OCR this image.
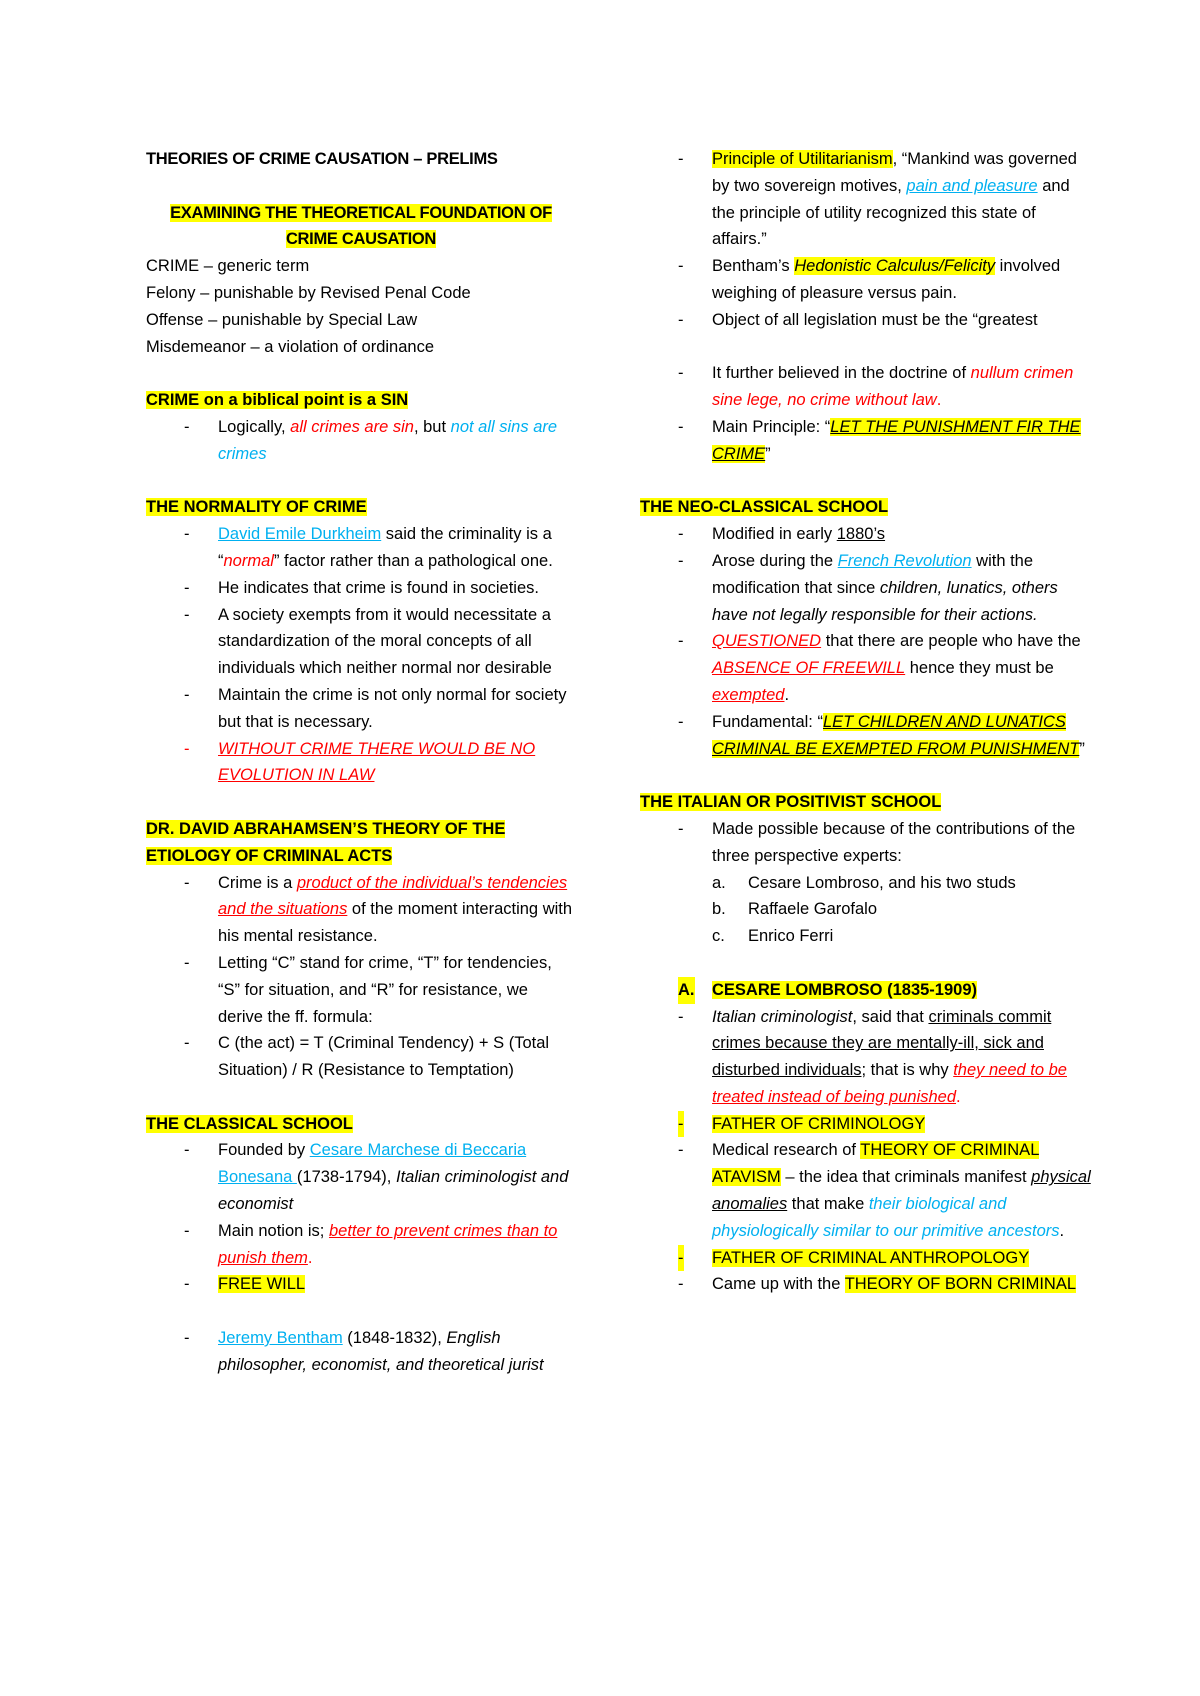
THEORIES OF CRIME CAUSATION – PRELIMS
EXAMINING THE THEORETICAL FOUNDATION OF
CRIME CAUSATION
CRIME – generic term
Felony – punishable by Revised Penal Code
Offense – punishable by Special Law
Misdemeanor – a violation of ordinance
CRIME on a biblical point is a SIN
- Logically, all crimes are sin, but not all sins are crimes
THE NORMALITY OF CRIME
- David Emile Durkheim said the criminality is a “normal” factor rather than a pathological one.
- He indicates that crime is found in societies.
- A society exempts from it would necessitate a standardization of the moral concepts of all individuals which neither normal nor desirable
- Maintain the crime is not only normal for society but that is necessary.
- WITHOUT CRIME THERE WOULD BE NO EVOLUTION IN LAW
DR. DAVID ABRAHAMSEN’S THEORY OF THE
ETIOLOGY OF CRIMINAL ACTS
- Crime is a product of the individual’s tendencies and the situations of the moment interacting with his mental resistance.
- Letting “C” stand for crime, “T” for tendencies, “S” for situation, and “R” for resistance, we derive the ff. formula:
- C (the act) = T (Criminal Tendency) + S (Total Situation) / R (Resistance to Temptation)
THE CLASSICAL SCHOOL
- Founded by Cesare Marchese di Beccaria Bonesana (1738-1794), Italian criminologist and economist
- Main notion is; better to prevent crimes than to punish them.
- FREE WILL
- Jeremy Bentham (1848-1832), English philosopher, economist, and theoretical jurist
- Principle of Utilitarianism, “Mankind was governed by two sovereign motives, pain and pleasure and the principle of utility recognized this state of affairs.”
- Bentham’s Hedonistic Calculus/Felicity involved weighing of pleasure versus pain.
- Object of all legislation must be the “greatest
- It further believed in the doctrine of nullum crimen sine lege, no crime without law.
- Main Principle: “LET THE PUNISHMENT FIR THE CRIME”
THE NEO-CLASSICAL SCHOOL
- Modified in early 1880’s
- Arose during the French Revolution with the modification that since children, lunatics, others have not legally responsible for their actions.
- QUESTIONED that there are people who have the ABSENCE OF FREEWILL hence they must be exempted.
- Fundamental: “LET CHILDREN AND LUNATICS CRIMINAL BE EXEMPTED FROM PUNISHMENT”
THE ITALIAN OR POSITIVIST SCHOOL
- Made possible because of the contributions of the three perspective experts:
a. Cesare Lombroso, and his two studs
b. Raffaele Garofalo
c. Enrico Ferri
A. CESARE LOMBROSO (1835-1909)
- Italian criminologist, said that criminals commit crimes because they are mentally-ill, sick and disturbed individuals; that is why they need to be treated instead of being punished.
- FATHER OF CRIMINOLOGY
- Medical research of THEORY OF CRIMINAL ATAVISM – the idea that criminals manifest physical anomalies that make their biological and physiologically similar to our primitive ancestors.
- FATHER OF CRIMINAL ANTHROPOLOGY
- Came up with the THEORY OF BORN CRIMINAL
